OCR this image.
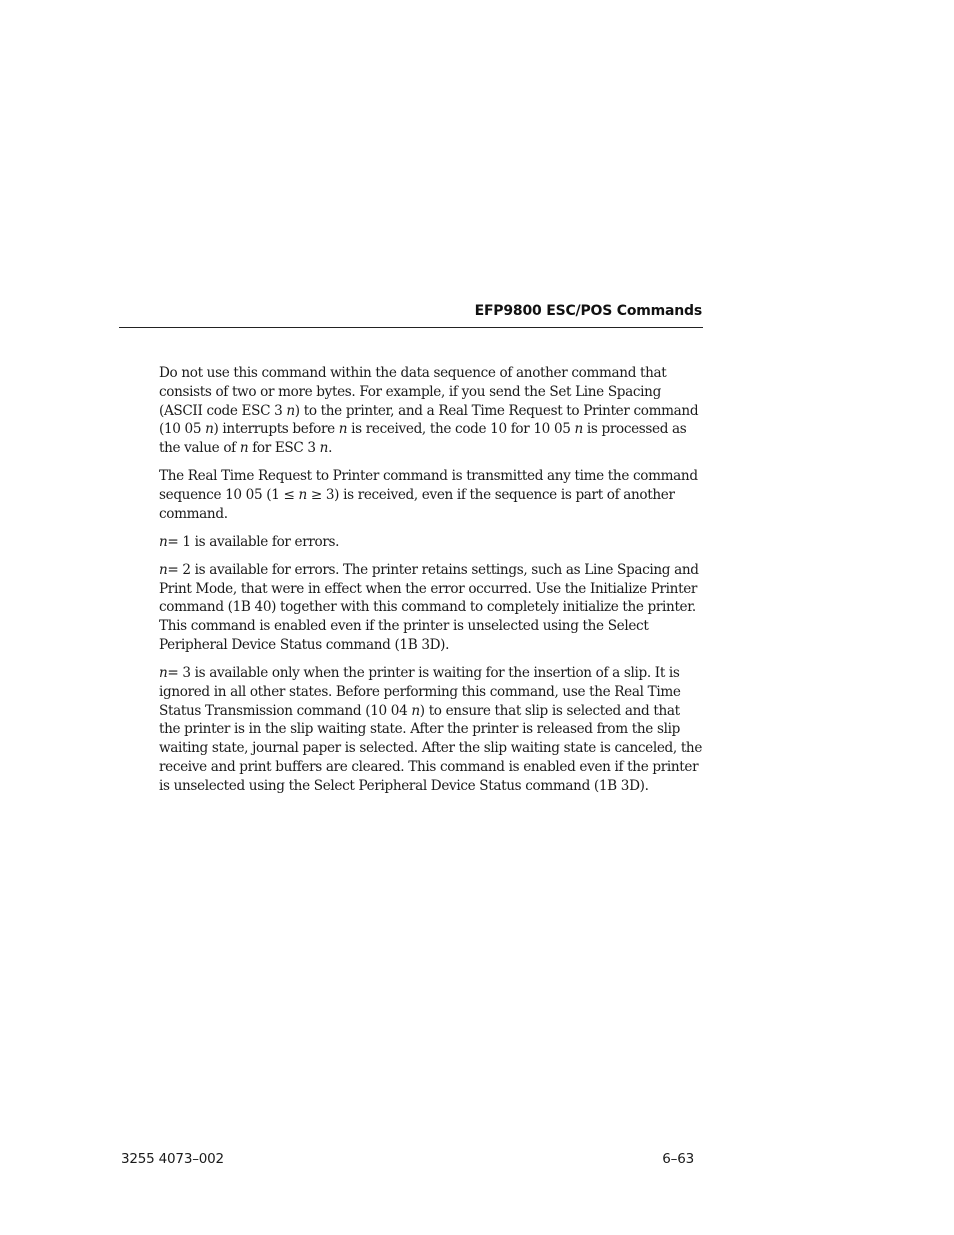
EFP9800 ESC/POS Commands

Do not use this command within the data sequence of another command that consists of two or more bytes. For example, if you send the Set Line Spacing (ASCII code ESC 3 n) to the printer, and a Real Time Request to Printer command (10 05 n) interrupts before n is received, the code 10 for 10 05 n is processed as the value of n for ESC 3 n.

The Real Time Request to Printer command is transmitted any time the command sequence 10 05 (1 ≤ n ≥ 3) is received, even if the sequence is part of another command.

n= 1 is available for errors.

n= 2 is available for errors. The printer retains settings, such as Line Spacing and Print Mode, that were in effect when the error occurred. Use the Initialize Printer command (1B 40) together with this command to completely initialize the printer. This command is enabled even if the printer is unselected using the Select Peripheral Device Status command (1B 3D).

n= 3 is available only when the printer is waiting for the insertion of a slip. It is ignored in all other states. Before performing this command, use the Real Time Status Transmission command (10 04 n) to ensure that slip is selected and that the printer is in the slip waiting state. After the printer is released from the slip waiting state, journal paper is selected. After the slip waiting state is canceled, the receive and print buffers are cleared. This command is enabled even if the printer is unselected using the Select Peripheral Device Status command (1B 3D).

3255 4073–002	6–63
